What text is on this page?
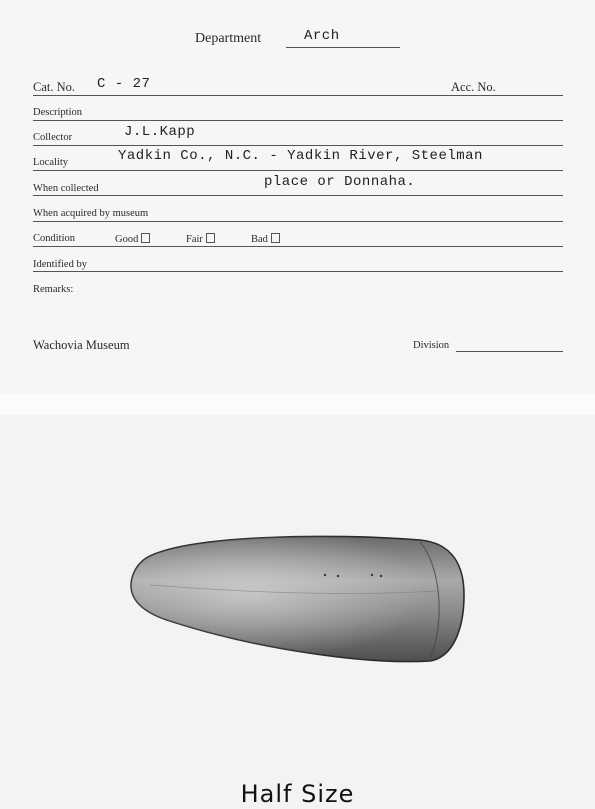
Department	Arch
Cat. No. C - 27	Acc. No.
Description
Collector	J.L.Kapp
Locality	Yadkin Co., N.C. - Yadkin River, Steelman
When collected	place or Donnaha.
When acquired by museum
Condition	Good	Fair	Bad
Identified by
Remarks:
Wachovia Museum	Division
Half Size
